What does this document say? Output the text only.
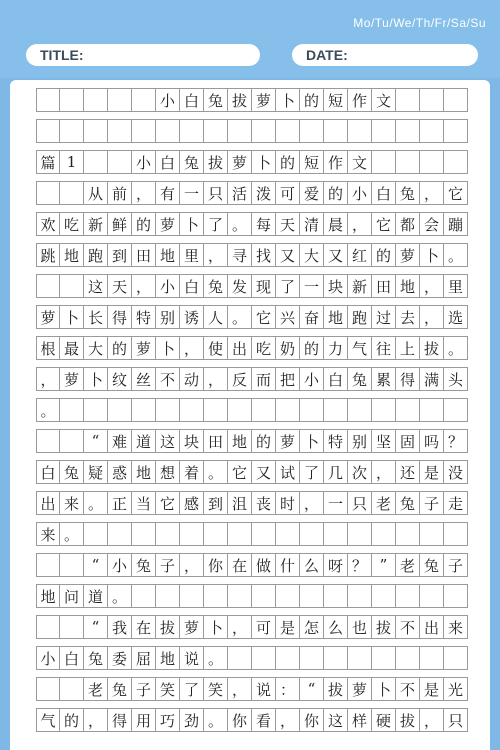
Mo/Tu/We/Th/Fr/Sa/Su
TITLE:	DATE:
小 白 兔 拔 萝 卜 的 短 作 文
篇 1	小 白 兔 拔 萝 卜 的 短 作 文
从 前 ， 有 一 只 活 泼 可 爱 的 小 白 兔 ， 它
欢 吃 新 鲜 的 萝 卜 了 。 每 天 清 晨 ， 它 都 会 蹦
跳 地 跑 到 田 地 里 ， 寻 找 又 大 又 红 的 萝 卜 。
这 天 ， 小 白 兔 发 现 了 一 块 新 田 地 ， 里
萝 卜 长 得 特 别 诱 人 。 它 兴 奋 地 跑 过 去 ， 选
根 最 大 的 萝 卜 ， 使 出 吃 奶 的 力 气 往 上 拔 。
， 萝 卜 纹 丝 不 动 ， 反 而 把 小 白 兔 累 得 满 头
。
“ 难 道 这 块 田 地 的 萝 卜 特 别 坚 固 吗 ？
白 兔 疑 惑 地 想 着 。 它 又 试 了 几 次 ， 还 是 没
出 来 。 正 当 它 感 到 沮 丧 时 ， 一 只 老 兔 子 走
来 。
“ 小 兔 子 ， 你 在 做 什 么 呀 ？ ” 老 兔 子
地 问 道 。
“ 我 在 拔 萝 卜 ， 可 是 怎 么 也 拔 不 出 来
小 白 兔 委 屈 地 说 。
老 兔 子 笑 了 笑 ， 说 ： “ 拔 萝 卜 不 是 光
气 的 ， 得 用 巧 劲 。 你 看 ， 你 这 样 硬 拔 ， 只
